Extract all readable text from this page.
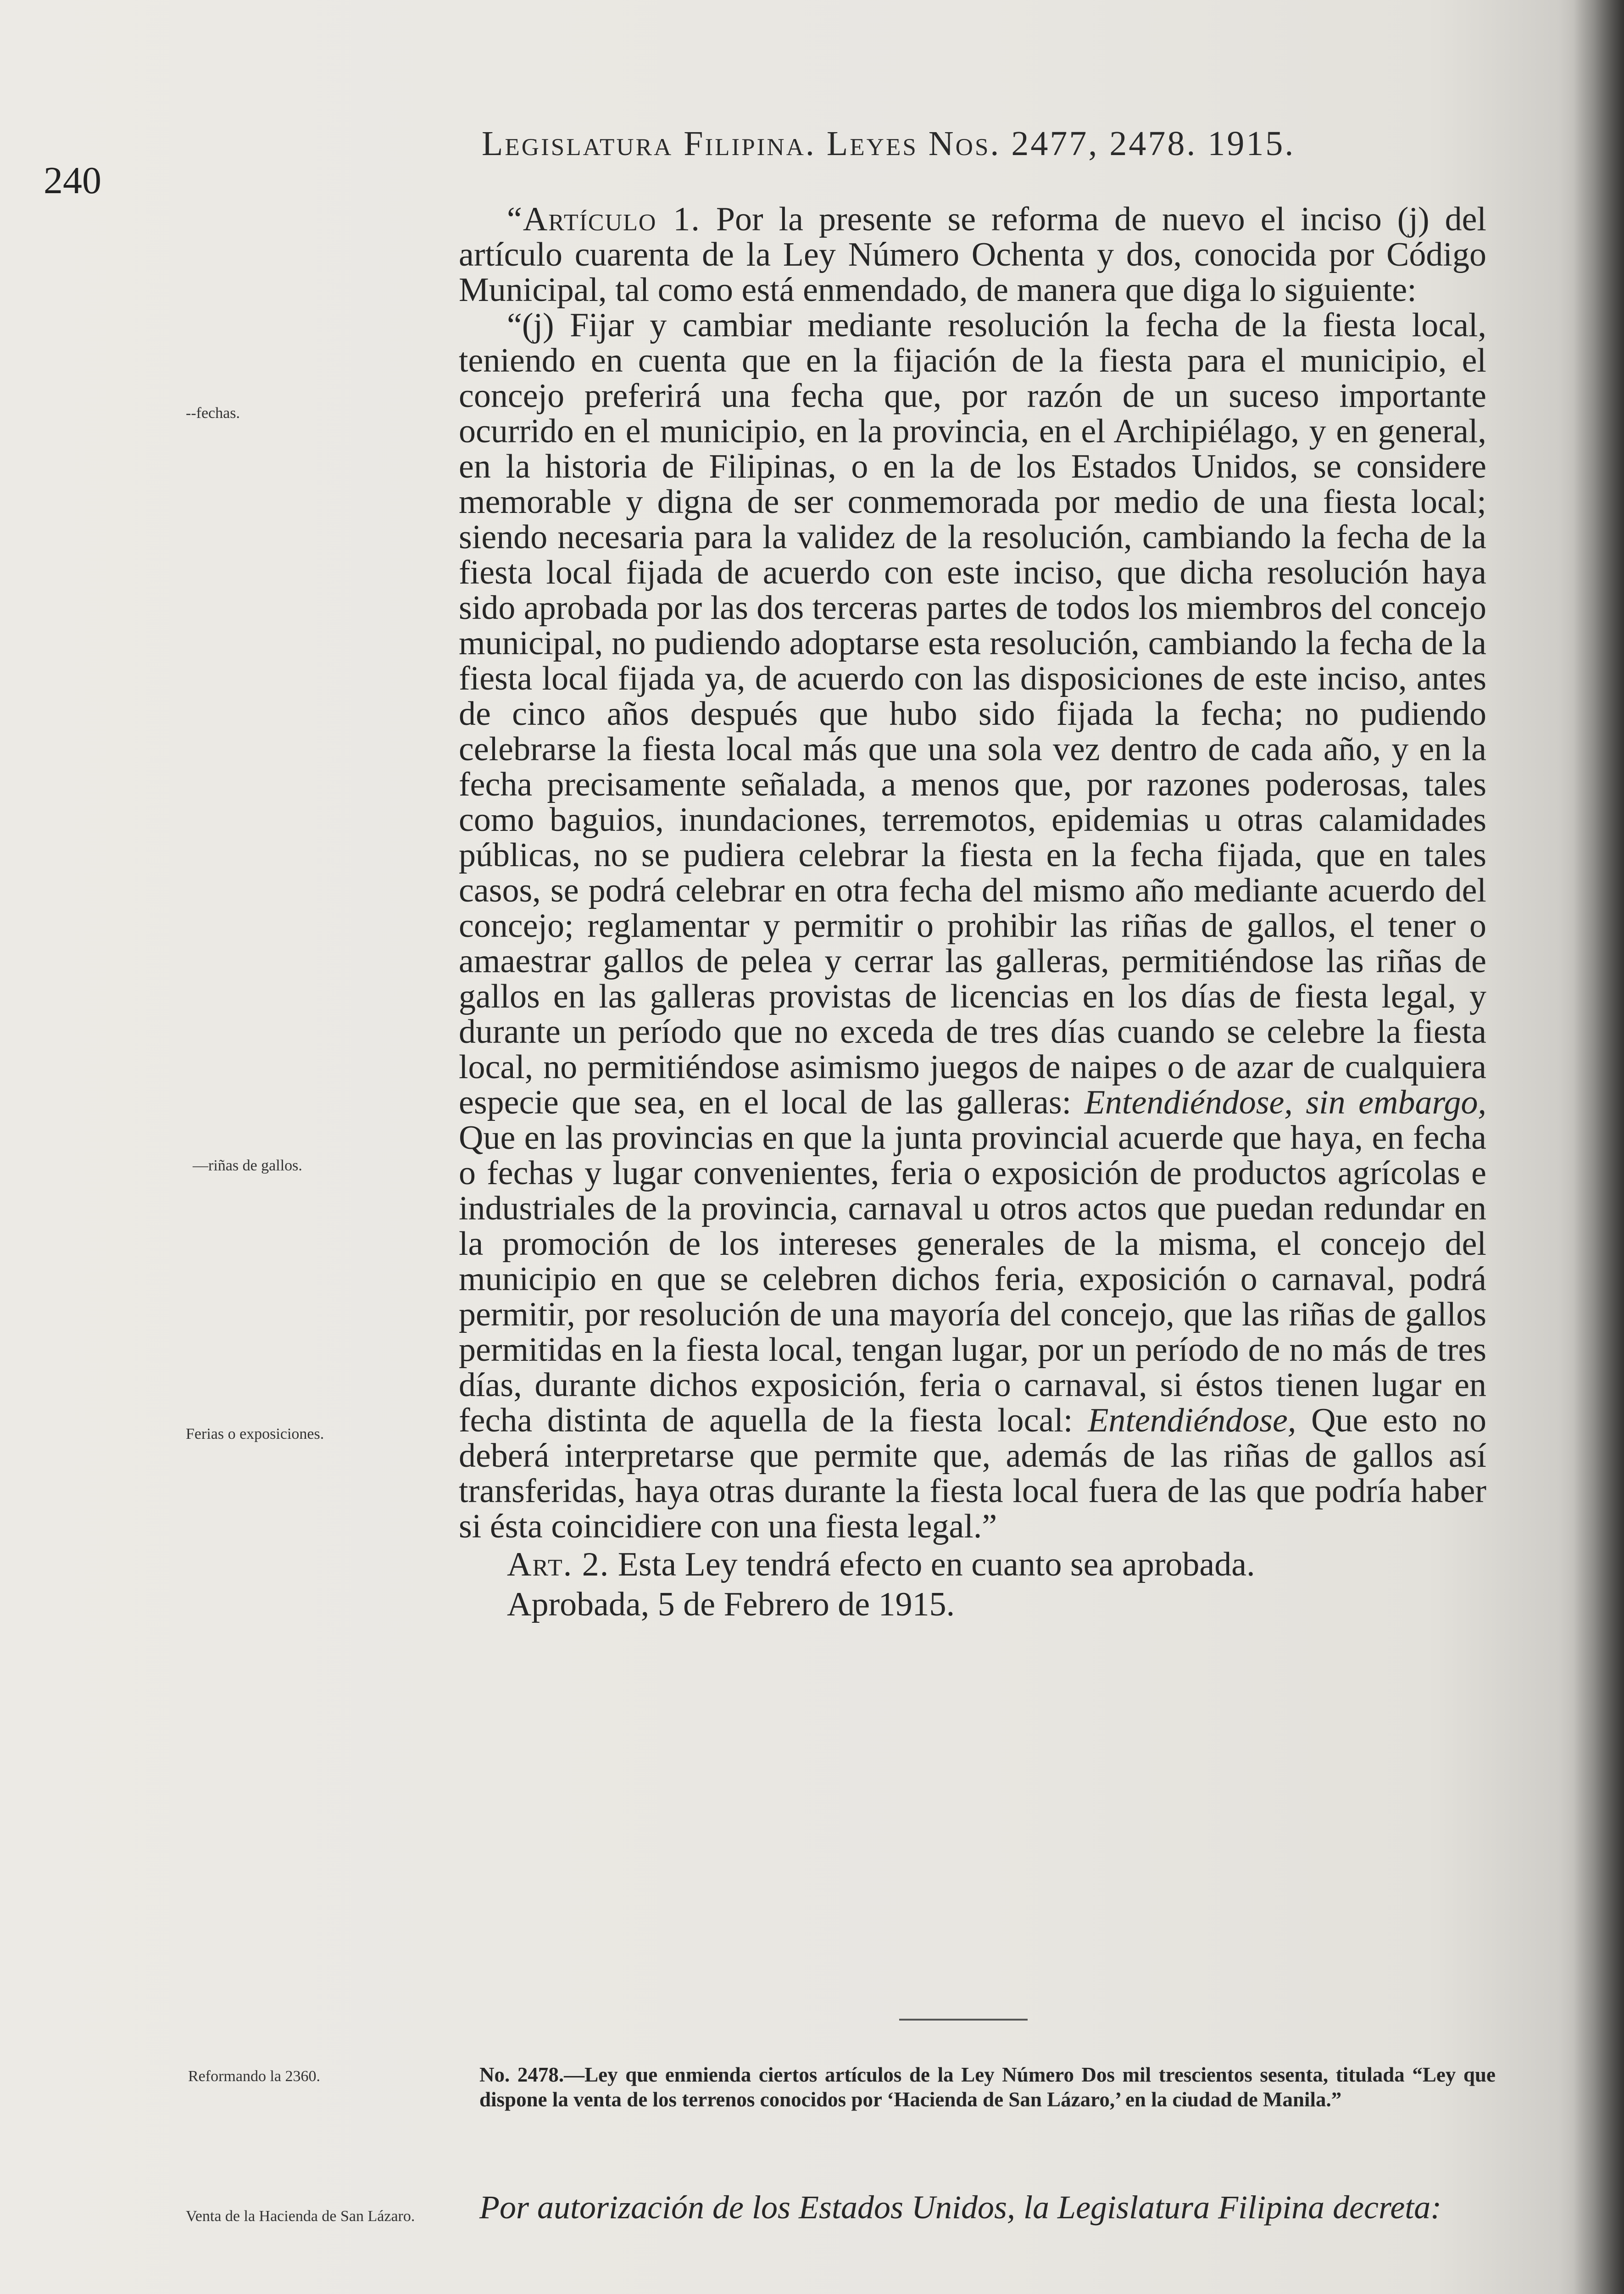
240
Legislatura Filipina. Leyes Nos. 2477, 2478. 1915.
--fechas.
—riñas de gallos.
Ferias o exposiciones.

“Artículo 1. Por la presente se reforma de nuevo el inciso (j) del artículo cuarenta de la Ley Número Ochenta y dos, conocida por Código Municipal, tal como está enmendado, de manera que diga lo siguiente:

“(j) Fijar y cambiar mediante resolución la fecha de la fiesta local, teniendo en cuenta que en la fijación de la fiesta para el municipio, el concejo preferirá una fecha que, por razón de un suceso importante ocurrido en el municipio, en la provincia, en el Archipiélago, y en general, en la historia de Filipinas, o en la de los Estados Unidos, se considere memorable y digna de ser conmemorada por medio de una fiesta local; siendo necesaria para la validez de la resolución, cambiando la fecha de la fiesta local fijada de acuerdo con este inciso, que dicha resolución haya sido aprobada por las dos terceras partes de todos los miembros del concejo municipal, no pudiendo adoptarse esta resolución, cambiando la fecha de la fiesta local fijada ya, de acuerdo con las disposiciones de este inciso, antes de cinco años después que hubo sido fijada la fecha; no pudiendo celebrarse la fiesta local más que una sola vez dentro de cada año, y en la fecha precisamente señalada, a menos que, por razones poderosas, tales como baguios, inundaciones, terremotos, epidemias u otras calamidades públicas, no se pudiera celebrar la fiesta en la fecha fijada, que en tales casos, se podrá celebrar en otra fecha del mismo año mediante acuerdo del concejo; reglamentar y permitir o prohibir las riñas de gallos, el tener o amaestrar gallos de pelea y cerrar las galleras, permitiéndose las riñas de gallos en las galleras provistas de licencias en los días de fiesta legal, y durante un período que no exceda de tres días cuando se celebre la fiesta local, no permitiéndose asimismo juegos de naipes o de azar de cualquiera especie que sea, en el local de las galleras: Entendiéndose, sin embargo, Que en las provincias en que la junta provincial acuerde que haya, en fecha o fechas y lugar convenientes, feria o exposición de productos agrícolas e industriales de la provincia, carnaval u otros actos que puedan redundar en la promoción de los intereses generales de la misma, el concejo del municipio en que se celebren dichos feria, exposición o carnaval, podrá permitir, por resolución de una mayoría del concejo, que las riñas de gallos permitidas en la fiesta local, tengan lugar, por un período de no más de tres días, durante dichos exposición, feria o carnaval, si éstos tienen lugar en fecha distinta de aquella de la fiesta local: Entendiéndose, Que esto no deberá interpretarse que permite que, además de las riñas de gallos así transferidas, haya otras durante la fiesta local fuera de las que podría haber si ésta coincidiere con una fiesta legal.”

Art. 2. Esta Ley tendrá efecto en cuanto sea aprobada.

Aprobada, 5 de Febrero de 1915.

Reformando la 2360.	No. 2478.—Ley que enmienda ciertos artículos de la Ley Número Dos mil trescientos sesenta, titulada “Ley que dispone la venta de los terrenos conocidos por ‘Hacienda de San Lázaro,’ en la ciudad de Manila.”
Venta de la Hacienda de San Lázaro.	Por autorización de los Estados Unidos, la Legislatura Filipina decreta:
